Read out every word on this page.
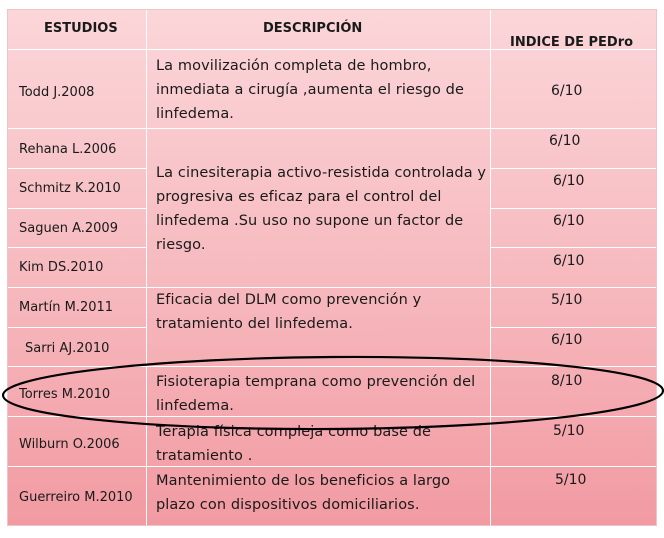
ESTUDIOS	DESCRIPCIÓN
INDICE DE PEDro
Todd J.2008
Rehana L.2006
Schmitz K.2010
Saguen A.2009
Kim DS.2010
Martín M.2011
Sarri AJ.2010
Torres M.2010
Wilburn O.2006
Guerreiro M.2010
La movilización completa de hombro,
inmediata a cirugía ,aumenta el riesgo de
linfedema.
La cinesiterapia activo-resistida controlada y
progresiva es eficaz para el control del
linfedema .Su uso no supone un factor de
riesgo.
Eficacia del DLM como prevención y
tratamiento del linfedema.
Fisioterapia temprana como prevención del
linfedema.
Terapia física compleja como base de
tratamiento .
Mantenimiento de los beneficios a largo
plazo con dispositivos domiciliarios.
6/10
6/10
6/10
6/10
6/10
5/10
6/10
8/10
5/10
5/10
